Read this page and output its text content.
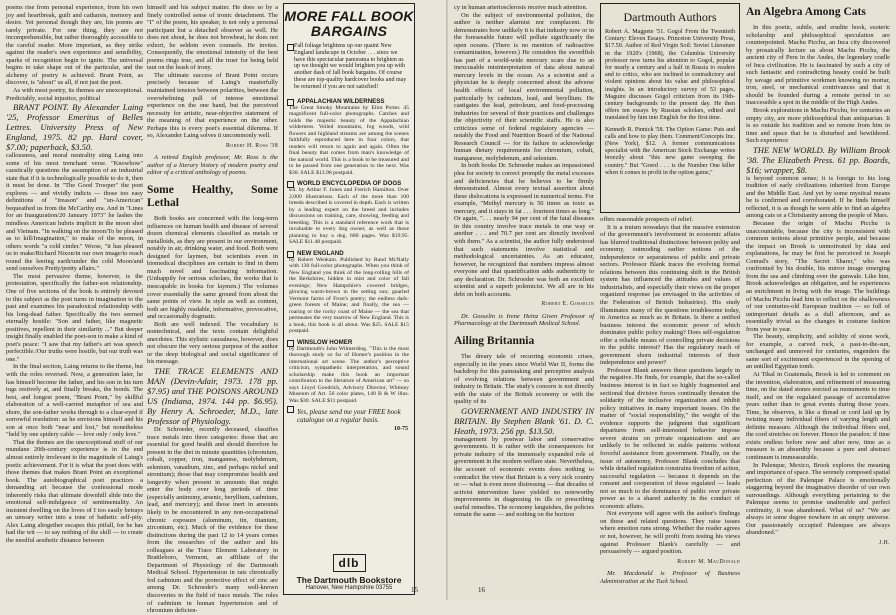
poems rise from personal experience, from his own joy and heartbreak, guilt and catharsis, memory and desire. Yet personal though they are, his poems are rarely private. For one thing, they are not incomprehensible, but rather thoroughly accessible to the careful reader. More important, as they strike against the reader's own experience and sensibility, sparks of recognition begin to ignite. The universal begins to take shape out of the particular, and the alchemy of poetry is achieved. Brant Point, as discover, is "about" us all, if not just the poet.

As with most poetry, its themes are unexceptional. Predictably, social injustice, political

BRANT POINT. By Alexander Laing '25, Professor Emeritus of Belles Lettres. University Press of New England, 1975. 82 pp. Hard cover, $7.00; paperback, $3.50.

callousness, and moral neutrality sting Laing into some of his most trenchant verse. "Knowhow" caustically questions the assumption of an industrial state that if it is technologically possible to do it, then it must be done. In "The Good Trooper" the poet explores — and vividly indicts — those too easy definitions of "treason" and "un-American" bequeathed us from the McCarthy era. And in "Lines for an Inauguration/20 January 1973" he lashes the mindless American hubris implicit in the moon shot and Vietnam. "In walking on the moon/To be pleased as to kill/Imagination," to make of the moon, in others words "a cold cinder." Worse, "it has pleased us to make/Richard Nixon/in our own image/to reach round the leering earth/under the cold Moon/and send ourselves Pretty/pretty affairs."

The most pervasive theme, however, is the protestation, specifically the father-son relationship. One of five sections of the book is entirely devoted to this subject as the poet turns in imagination to the past and examines his paradoxical relationship with his long-dead father. Specifically the two seemed eternally hostile: "Son and father, like magnetic positives, repellent in their similarity ..." But deeper insight finally enabled the poet-son to make a kind of poet's peace: "I saw that my father's art was speech perfectible./Our truths were hostile, but our truth was one."

In the final section, Laing returns to the theme, but with the roles reversed. Now, a generation later, he has himself become the father, and his son in his turn tugs restively at, and finally breaks, the bonds. The best, and longest poem, "Brant Point," by skillful elaboration of a well-carried metaphor of sea and shore, the son-father works through to a clear-eyed if sorrowful resolution: as he envisions himself and his son at once both "near and lost," but nonetheless "held by one spidery cable — love only / only love."

That the themes are the unexceptional stuff of our mundane 20th-century experience is in the end almost entirely irrelevant to the magnitude of Laing's poetic achievement. For it is what the poet does with those themes that makes Brant Point an exceptional book. The autobiographical poet practices a demanding art because the confessional mode inherently risks that ultimate downhill slide into the emotional self-indulgence of sentimentality. An insistent dwelling on the loves of I too easily betrays an unwary writer into a tone of bathetic self-pity. Alex Laing altogether escapes this pitfall, for he has had the wit — to say nothing of the skill — to create the needful aesthetic distance between

himself and his subject matter. He does so by a finely controlled sense of ironic detachment. The "I" of the poem, his speaker, is not only a personal participant but a detached observer as well. He does not shout, he does not browbeat, he does not exhort, he seldom even counsels. He invites. Consequently, the emotional intensity of the best poems rings true, and all the truer for being held taut on the leash of irony.

The ultimate success of Brant Point occurs precisely because of Laing's masterfully maintained tension between polarities, between the overwhelming pull of intense emotional experience on the one hand, but the perceived necessity for artistic, near-objective statement of the meaning of that experience on the other. Perhaps this is every poet's essential dilemma. If so, Alexander Laing solves it uncommonly well.

Robert H. Ross '38

A retired English professor, Mr. Ross is the author of a literary history of modern poetry and editor of a critical anthology of poems.

Some Healthy, Some Lethal

Both books are concerned with the long-term influences on human health and disease of several dozen chemical elements classified as metals or metalloids, as they are present in our environment, notably in air, drinking water, and food. Both were designed for laymen, but scientists even in biomedical disciplines are certain to find in them much novel and fascinating information. (Unhappily for serious scholars, the works that is inescapable in books for laymen.) The volumes cover essentially the same ground from about the same points of view. In style as well as content, both are highly readable, informative, provocative, and occasionally dogmatic.

Both are well indexed. The vocabulary is nontechnical, and the texts contain delightful anecdotes. This stylistic causalness, however, does not obscure the very serious purpose of the author or the deep biological and social significance of his message.

THE TRACE ELEMENTS AND MAN (Devin-Adair, 1973. 178 pp. $7.95) and THE POISONS AROUND US (Indiana, 1974. 144 pp. $6.95). By Henry A. Schroeder, M.D., late Professor of Physiology.

Dr. Schroeder, recently deceased, classifies trace metals into three categories: those that are essential for good health and should therefore be present in the diet in minute quantities (chromium, cobalt, copper, iron, manganese, molybdenum, selenium, vanadium, zinc, and perhaps nickel and strontium); those that may compromise health and longevity when present in amounts that might enter the body over long periods of time (especially antimony, arsenic, beryllium, cadmium, lead, and mercury); and those inert in amounts likely to be encountered in any non-occupational chronic exposure (aluminum, tin, titanium, zirconium, etc). Much of the evidence for these distinctions during the past 12 to 14 years comes from the researches of the author and his colleagues at the Trace Element Laboratory in Brattleboro, Vermont, an affiliate of the Department of Physiology of the Dartmouth Medical School. Hypertension in rats chronically fed cadmium and the protective effect of zinc are among Dr. Schroeder's many well-known discoveries in the field of trace metals. The roles of cadmium in human hypertension and of chromium deficien-

MORE FALL BOOK BARGAINS
Fall foliage brightens up our quaint New England landscape in October . . . since we have this spectacular panorama to brighten us up we thought we would brighten you up with another dash of fall book bargains. Of course these are top-quality hardcover books and may be returned if you are not satisfied!
APPALACHIAN WILDERNESS
The Great Smoky Mountains by Eliot Porter. 45 magnificent full-color photographs. Catches and holds the majestic beauty of the Appalachian wilderness. Veiled mountains, fog woods, wild flowers and highland streams are among the scenes faithfully reproduced here in four colors, that readers will return to again and again. Often the final beauty that comes from man's knowledge of the natural world. This is a book to be treasured and to be passed from one generation to the next. Was $30. SALE $13.98 postpaid.
WORLD ENCYCLOPEDIA OF DOGS
Ed. by Arthur F. Jones and Frerich Hamilton. Over 2,000 illustrations. Each of the more than 100 breeds described is covered in depth. Each is written by a leading expert on the breed and includes discussions on training, care, showing, feeding and breeding. This is a standard reference work that is invaluable to every dog owner, as well as those planning to buy a dog. 680 pages. Was $19.95. SALE $11.48 postpaid.
NEW ENGLAND
by Robert Wenkam. Published by Rand McNally with 130 full-color photographs. When you think of New England you think of the long-rolling hills of the Berkshires, hidden in mist and color of fall evenings; New Hampshire's covered bridges, glowing warm-brown in the setting sun; gnarled Vermont farms of Frost's poetry; the endless dark-green forests of Maine; and finally, the sea — roaring or the rocky coast of Maine — the sea that permeates the very marrow of New England. This is a book, this book is all about. Was $25. SALE $15 postpaid.
WINSLOW HOMER
by Dartmouth's John Wilmerding. "This is the most thorough study so far of Homer's position in the international art scene. The author's perceptive criticism, sympathetic interpretation, and sound scholarship make this book an important contribution to the literature of American art" — so says Lloyd Goodrich, Advisory Director, Whitney Museum of Art. 56 color plates, 140 B & W illus. Was $30. SALE $11 postpaid.
Yes, please send me your FREE book catalogue on a regular basis.
10-75
dlb
The Dartmouth Bookstore
Hanover, New Hampshire 03755	15

cy in human arteriosclerosis receive much attention.

On the subject of environmental pollution, the author is neither alarmist nor complacent. He demonstrates how unlikely it is that industry now or in the foreseeable future will pollute significantly the open oceans. (There is no mention of radioactive contamination, however.) He considers the swordfish has part of a world-wide mercury scare due to an inexcusable misinterpretation of data about natural mercury levels in the ocean. As a scientist and a physician he is deeply concerned about the adverse health effects of local environmental pollution, particularly by cadmium, lead, and beryllium. He castigates the lead, petroleum, and food-processing industries for several of their practices and challenges the objectivity of their scientific staffs. He is also criticizes some of federal regulatory agencies — notably the Food and Nutrition Board of the National Research Council — for its failure to acknowledge human dietary requirements for chromium, cobalt, manganese, molybdenum, and selenium.

In both books Dr. Schroeder makes an impassioned plea for society to correct promptly the metal excesses and deficiencies that he believes to be firmly demonstrated. Almost every textual assertion about these dislocations is expressed in numerical terms. For example, "Methyl mercury is 50 times as toxic as mercury, and it stays in fat . . . fourteen times as long." Or again, ". . . nearly 94 per cent of the fatal diseases in this country involve trace metals in one way or another . . . and 70.7 per cent are directly involved with them." As a scientist, the author fully understood that such statements involve statistical and methodological uncertainties. As an educator, however, he recognized that numbers impress almost everyone and that quantification adds authenticity to any declaration. Dr. Schroeder was both an excellent scientist and a superb polemicist. We all are in his debt on both accounts.

Robert E. Gosselin

Dr. Gosselin is Irene Heinz Given Professor of Pharmacology at the Dartmouth Medical School.

Ailing Britannia

The dreary tale of recurring economic crises, especially in the years since World War II, forms the backdrop for this painstaking and perceptive analysis of evolving relations between government and industry in Britain. The study's concern is not directly with the state of the British economy or with the quality of its

GOVERNMENT AND INDUSTRY IN BRITAIN. By Stephen Blank '61. D. C. Heath, 1973. 256 pp. $13.50.

management by postwar labor and conservative governments. It is rather with the consequences for private industry of the immensely expanded role of government in the modern welfare state. Nevertheless, the account of economic events does nothing to contradict the view that Britain is a very sick country or — what is even more distressing — that decades of activist intervention have yielded no noteworthy improvements in diagnosing its ills or prescribing useful remedies. The economy languishes, the policies remain the same — and nothing on the horizon

Dartmouth Authors
Robert A. Magpete '51. Gogol From the Twentieth Century: Eleven Essays. Princeton University Press, $17.50. Author of Red Virgin Soil: Soviet Literature in the 1920's (1968), the Columbia University professor now turns his attention to Gogol, popular for nearly a century and a half in Russia to readers and to critics, who are inclined to contradictory and violent opinions about his value and philosophical insights. In an introductory survey of 53 pages, Maguire discusses Gogol criticism from its 19th-century backgrounds to the present day. He then offers ten essays by Russian scholars, edited and translated by him into English for the first time.
Kenneth R. Pinnick '58. The Option Game: Puts and calls and how to play them. Comment/Concepts Inc. (New York), $12. A former communications specialist with the American Stock Exchange writes breezily about "this new game sweeping the country." But "Greed . . . is the Number One killer when it comes to profit in the option game,"

offers reasonable prospects of relief.

It is a truism nowadays that the massive extension of the government's involvement in economic affairs has blurred traditional distinctions between polity and economy, outmoding earlier notions of the independence or separateness of public and private sectors. Professor Blank traces the evolving formal relations between this continuing shift in the British system has influenced the attitudes and values of industrialists, and especially their views on the proper organized response (as envisaged in the activities of the Federation of British Industries). His study illuminates many of the questions troublesome today, in America as much as in Britain. Is there a unified business interest the economic power of which dominates public policy making? Does self-regulation offer a reliable means of controlling private decisions in the public interest? Has the regulatory reach of government shorn industrial interests of their independence and power?

Professor Blank answers these questions largely in the negative. He finds, for example, that the so-called business interest is in fact so highly fragmented and sectional that divisive forces continually threaten the solidarity of the inclusive organization and inhibit policy initiatives in many important issues. On the matter of "social responsibility," the weight of the evidence supports the judgment that significant departures from self-interested behavior impose severe strains on private organizations and are unlikely to be reflected in stable patterns without forceful assistance from government. Finally, on the issue of autonomy, Professor Blank concludes that while detailed regulation constrains freedom of action, successful regulation — because it depends on the consent and cooperation of those regulated — leads not so much to the dominance of public over private power as to a shared authority in the conduct of economic affairs.

Not everyone will agree with the author's findings on these and related questions. They raise issues where emotion runs strong. Whether the reader agrees or not, however, he will profit from testing his views against Professor Blank's carefully — and persuasively — argued position.

Robert M. MacDonald

Mr. Macdonald is Professor of Business Administration at the Tuck School.

An Algebra Among Cats

In this poetic, subtle, and erudite book, esoteric scholarship and philosophical speculation are counterpointed. Machu Picchu, an Inca city discovered by prosaically lecture us about Machu Picchu, the ancient city of Peru in the Andes, the legendary cradle of Inca civilization. He is fascinated by such a city of such fantastic and contradicting beauty could be built by savage and primitive workmen knowing no mortar, iron, steel, or mechanical contrivances and that it should be founded during a remote period in so inaccessible a spot in the middle of the High Andes.

Brook explorations in Machu Picchu, for centuries an empty city, are more philosophical than antiquarian. It is so outside his tradition and so remote from him in time and space that he is disturbed and bewildered. Such experience

THE NEW WORLD. By William Brook '38. The Elizabeth Press. 61 pp. Boards, $16; wrapper, $8.

is beyond common sense; it is foreign to his long tradition of early civilizations inherited from Europe and the Middle East. And yet by some mystical means he is confirmed and corroborated. If he finds himself reflected, it is as though he were able to find an algebra among cats or a Christianity among the people of Mars.

Because the origin of Machu Picchu is unaccountable, because the city is inconsistent with common notions about primitive people, and because the impact on Brook is unmotivated by data and explanations, he may be first be perceived in Joseph Conrad's story, "The Secret Sharer," who was confronted by his double, his mirror image emerging from the sea and climbing over the gunwale. Like him, Brook acknowledges an obligation, and he experiences an enrichment in living with the image. The buildings of Machu Picchu lead him to reflect on the shallowness of our centuries-old European tradition — so full of unimportant details as a dull afternoon, and as essentially trivial as the changes in costume fashion from year to year.

The beauty, simplicity, and solidity of stone work, for example, a carved rock, a past-to-the-sun, unchanged and unmoved for centuries, engenders the same sort of excitement experienced in the opening of an untilled Egyptian tomb.

At Tikal in Guatemala, Brook is led to comment on the invention, elaboration, and refinement of measuring time, on the dated stones erected as monuments to time itself, and on the regulated passage of accumulative years rather than to great events during those years. Time, he observes, is like a thread or cord laid up by twisting many individual fibers of varying length and definite measure. Although the individual fibers end, the cord stretches on forever. Hence the paradox: if time exists endless before now and after now, time as a measure is an absurdity because a pure and abstract continuum is immeasurable.

In Palenque, Mexico, Brook explores the meaning and importance of space. The serenely composed spatial perfection of the Palenque Palace is emotionally staggering beyond the imaginative disorder of our own surroundings. Although everything pertaining to the Palenque seems to promise unalterable and perfect continuity, it was abandoned. What of us? "We are always in some degree nowhere in an empty universe. Our passionately occupied Palenques are always abandoned."

J.H.
16
